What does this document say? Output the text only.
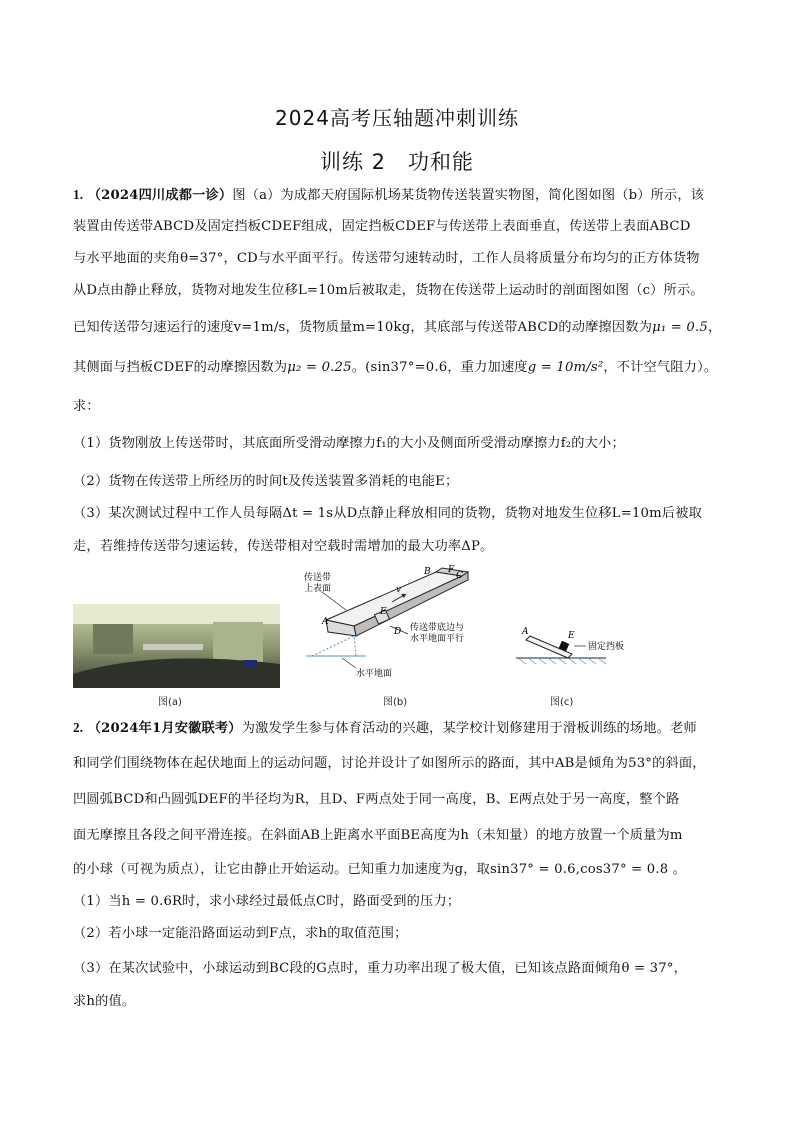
2024高考压轴题冲刺训练
训练 2　功和能
1. （2024四川成都一诊）图（a）为成都天府国际机场某货物传送装置实物图，简化图如图（b）所示，该
装置由传送带ABCD及固定挡板CDEF组成，固定挡板CDEF与传送带上表面垂直，传送带上表面ABCD
与水平地面的夹角θ=37°，CD与水平面平行。传送带匀速转动时，工作人员将质量分布均匀的正方体货物
从D点由静止释放，货物对地发生位移L=10m后被取走，货物在传送带上运动时的剖面图如图（c）所示。
已知传送带匀速运行的速度v=1m/s，货物质量m=10kg，其底部与传送带ABCD的动摩擦因数为μ₁ = 0.5，
其侧面与挡板CDEF的动摩擦因数为μ₂ = 0.25。(sin37°=0.6，重力加速度g = 10m/s²，不计空气阻力）。
求：
（1）货物刚放上传送带时，其底面所受滑动摩擦力f₁的大小及侧面所受滑动摩擦力f₂的大小；
（2）货物在传送带上所经历的时间t及传送装置多消耗的电能E；
（3）某次测试过程中工作人员每隔Δt = 1s从D点静止释放相同的货物，货物对地发生位移L=10m后被取
走，若维持传送带匀速运转，传送带相对空载时需增加的最大功率ΔP。
图(a)
A
B	C
F
E
D
v
传送带
上表面
传送带底边与
水平地面平行
水平地面
图(b)
A	E
固定挡板
图(c)
2. （2024年1月安徽联考）为激发学生参与体育活动的兴趣，某学校计划修建用于滑板训练的场地。老师
和同学们围绕物体在起伏地面上的运动问题，讨论并设计了如图所示的路面，其中AB是倾角为53°的斜面，
凹圆弧BCD和凸圆弧DEF的半径均为R，且D、F两点处于同一高度，B、E两点处于另一高度，整个路
面无摩擦且各段之间平滑连接。在斜面AB上距离水平面BE高度为h（未知量）的地方放置一个质量为m
的小球（可视为质点），让它由静止开始运动。已知重力加速度为g，取sin37° = 0.6,cos37° = 0.8 。
（1）当h = 0.6R时，求小球经过最低点C时，路面受到的压力；
（2）若小球一定能沿路面运动到F点，求h的取值范围；
（3）在某次试验中，小球运动到BC段的G点时，重力功率出现了极大值，已知该点路面倾角θ = 37°，
求h的值。
